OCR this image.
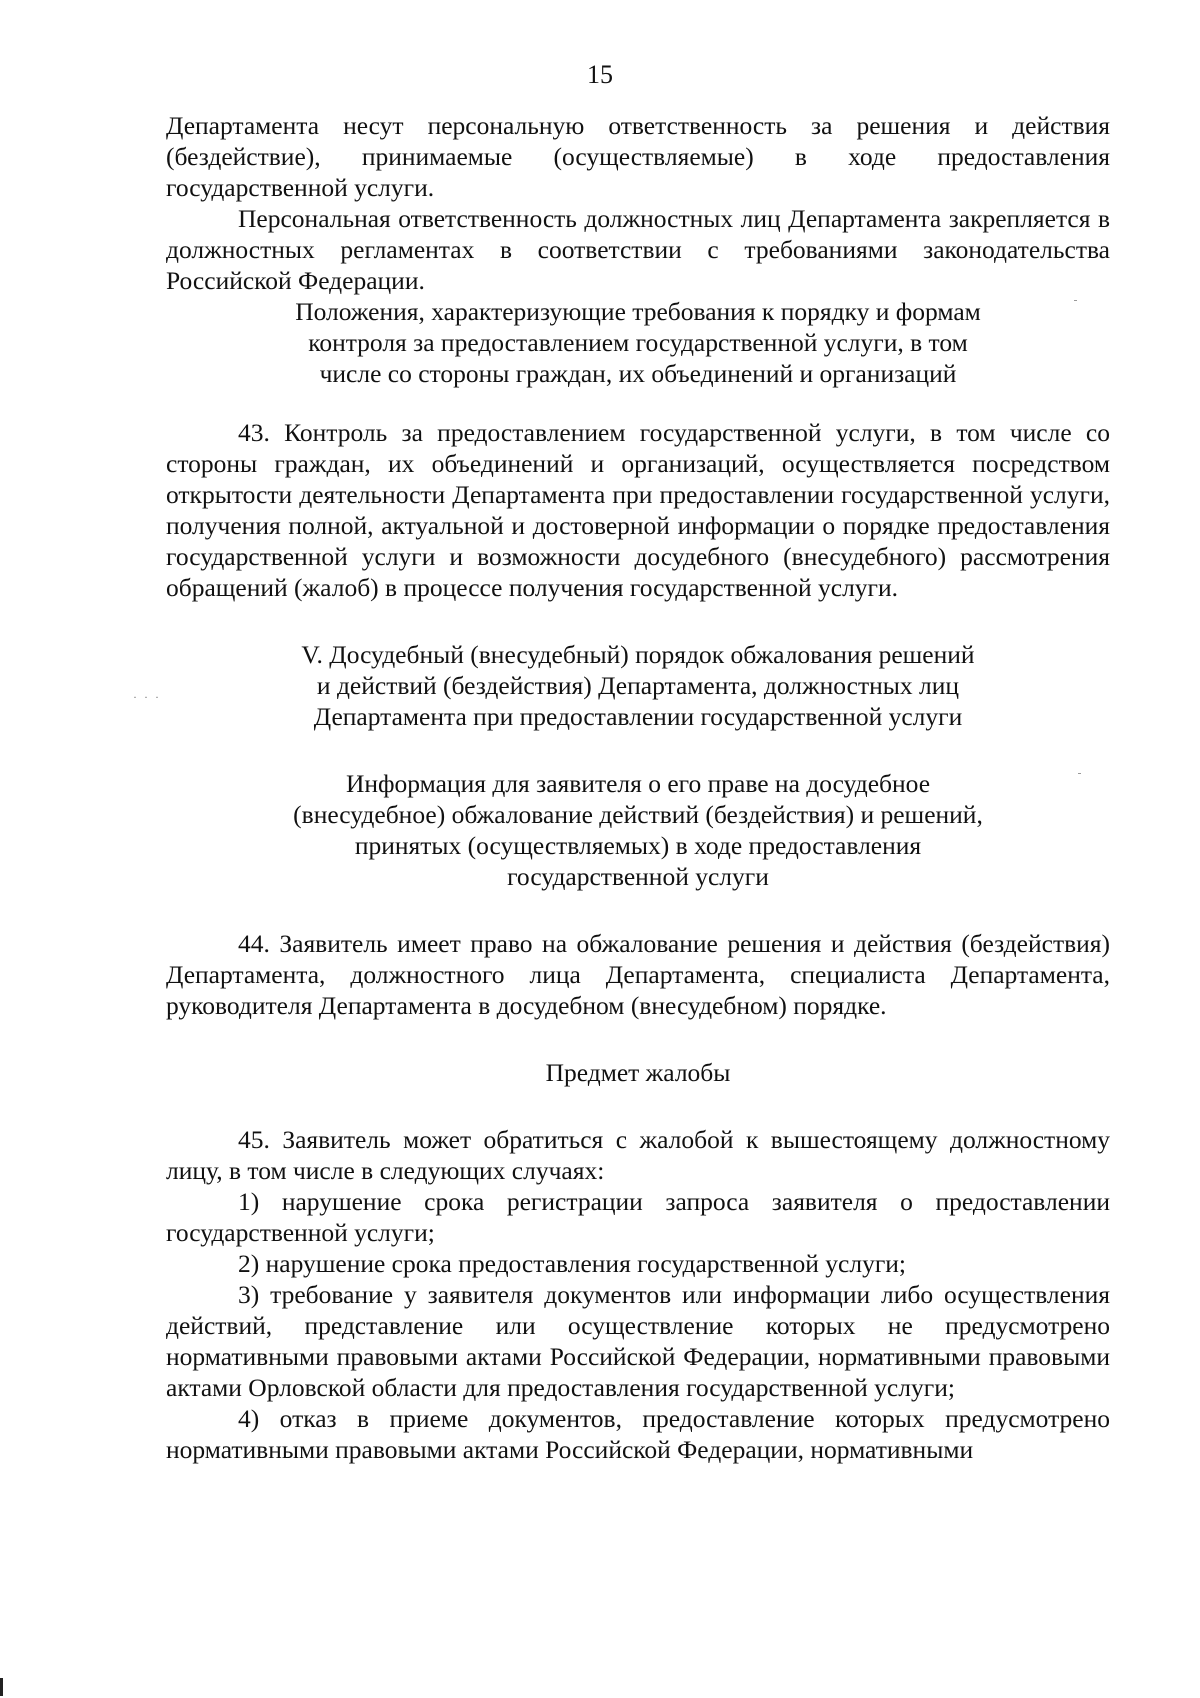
15
· · ·

Департамента несут персональную ответственность за решения и действия (бездействие), принимаемые (осуществляемые) в ходе предоставления государственной услуги.

Персональная ответственность должностных лиц Департамента закрепляется в должностных регламентах в соответствии с требованиями законодательства Российской Федерации.

Положения, характеризующие требования к порядку и формам
контроля за предоставлением государственной услуги, в том
числе со стороны граждан, их объединений и организаций

43. Контроль за предоставлением государственной услуги, в том числе со стороны граждан, их объединений и организаций, осуществляется посредством открытости деятельности Департамента при предоставлении государственной услуги, получения полной, актуальной и достоверной информации о порядке предоставления государственной услуги и возможности досудебного (внесудебного) рассмотрения обращений (жалоб) в процессе получения государственной услуги.

V. Досудебный (внесудебный) порядок обжалования решений
и действий (бездействия) Департамента, должностных лиц
Департамента при предоставлении государственной услуги
Информация для заявителя о его праве на досудебное
(внесудебное) обжалование действий (бездействия) и решений,
принятых (осуществляемых) в ходе предоставления
государственной услуги

44. Заявитель имеет право на обжалование решения и действия (бездействия) Департамента, должностного лица Департамента, специалиста Департамента, руководителя Департамента в досудебном (внесудебном) порядке.

Предмет жалобы

45. Заявитель может обратиться с жалобой к вышестоящему должностному лицу, в том числе в следующих случаях:

1) нарушение срока регистрации запроса заявителя о предоставлении государственной услуги;

2) нарушение срока предоставления государственной услуги;

3) требование у заявителя документов или информации либо осуществления действий, представление или осуществление которых не предусмотрено нормативными правовыми актами Российской Федерации, нормативными правовыми актами Орловской области для предоставления государственной услуги;

4) отказ в приеме документов, предоставление которых предусмотрено нормативными правовыми актами Российской Федерации, нормативными
